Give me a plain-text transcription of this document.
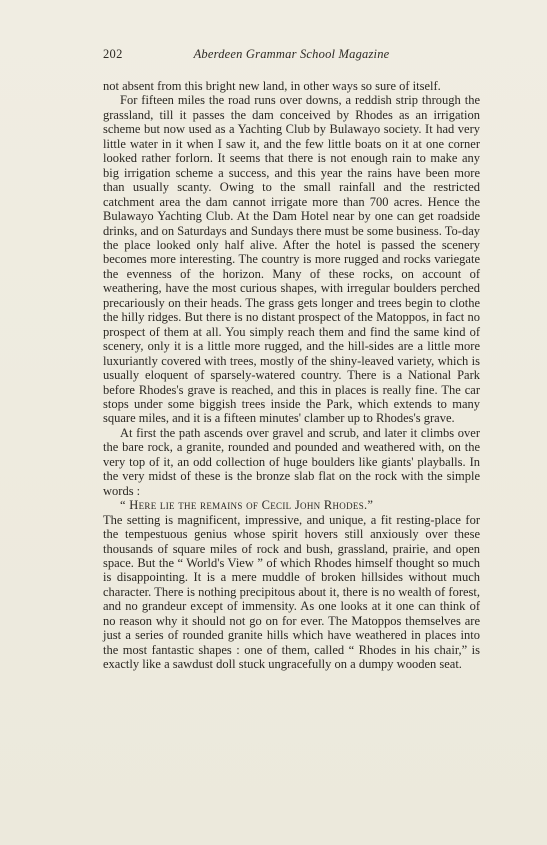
202	Aberdeen Grammar School Magazine

not absent from this bright new land, in other ways so sure of itself.

For fifteen miles the road runs over downs, a reddish strip through the grassland, till it passes the dam conceived by Rhodes as an irrigation scheme but now used as a Yachting Club by Bulawayo society. It had very little water in it when I saw it, and the few little boats on it at one corner looked rather forlorn. It seems that there is not enough rain to make any big irrigation scheme a success, and this year the rains have been more than usually scanty. Owing to the small rainfall and the restricted catchment area the dam cannot irrigate more than 700 acres. Hence the Bulawayo Yachting Club. At the Dam Hotel near by one can get roadside drinks, and on Saturdays and Sundays there must be some business. To-day the place looked only half alive. After the hotel is passed the scenery becomes more interesting. The country is more rugged and rocks variegate the evenness of the horizon. Many of these rocks, on account of weathering, have the most curious shapes, with irregular boulders perched precariously on their heads. The grass gets longer and trees begin to clothe the hilly ridges. But there is no distant prospect of the Matoppos, in fact no prospect of them at all. You simply reach them and find the same kind of scenery, only it is a little more rugged, and the hill-sides are a little more luxuriantly covered with trees, mostly of the shiny-leaved variety, which is usually eloquent of sparsely-watered country. There is a National Park before Rhodes's grave is reached, and this in places is really fine. The car stops under some biggish trees inside the Park, which extends to many square miles, and it is a fifteen minutes' clamber up to Rhodes's grave.

At first the path ascends over gravel and scrub, and later it climbs over the bare rock, a granite, rounded and pounded and weathered with, on the very top of it, an odd collection of huge boulders like giants' playballs. In the very midst of these is the bronze slab flat on the rock with the simple words :

“ Here lie the remains of Cecil John Rhodes.”

The setting is magnificent, impressive, and unique, a fit resting-place for the tempestuous genius whose spirit hovers still anxiously over these thousands of square miles of rock and bush, grassland, prairie, and open space. But the “ World's View ” of which Rhodes himself thought so much is disappointing. It is a mere muddle of broken hillsides without much character. There is nothing precipitous about it, there is no wealth of forest, and no grandeur except of immensity. As one looks at it one can think of no reason why it should not go on for ever. The Matoppos themselves are just a series of rounded granite hills which have weathered in places into the most fantastic shapes : one of them, called “ Rhodes in his chair,” is exactly like a sawdust doll stuck ungracefully on a dumpy wooden seat.
